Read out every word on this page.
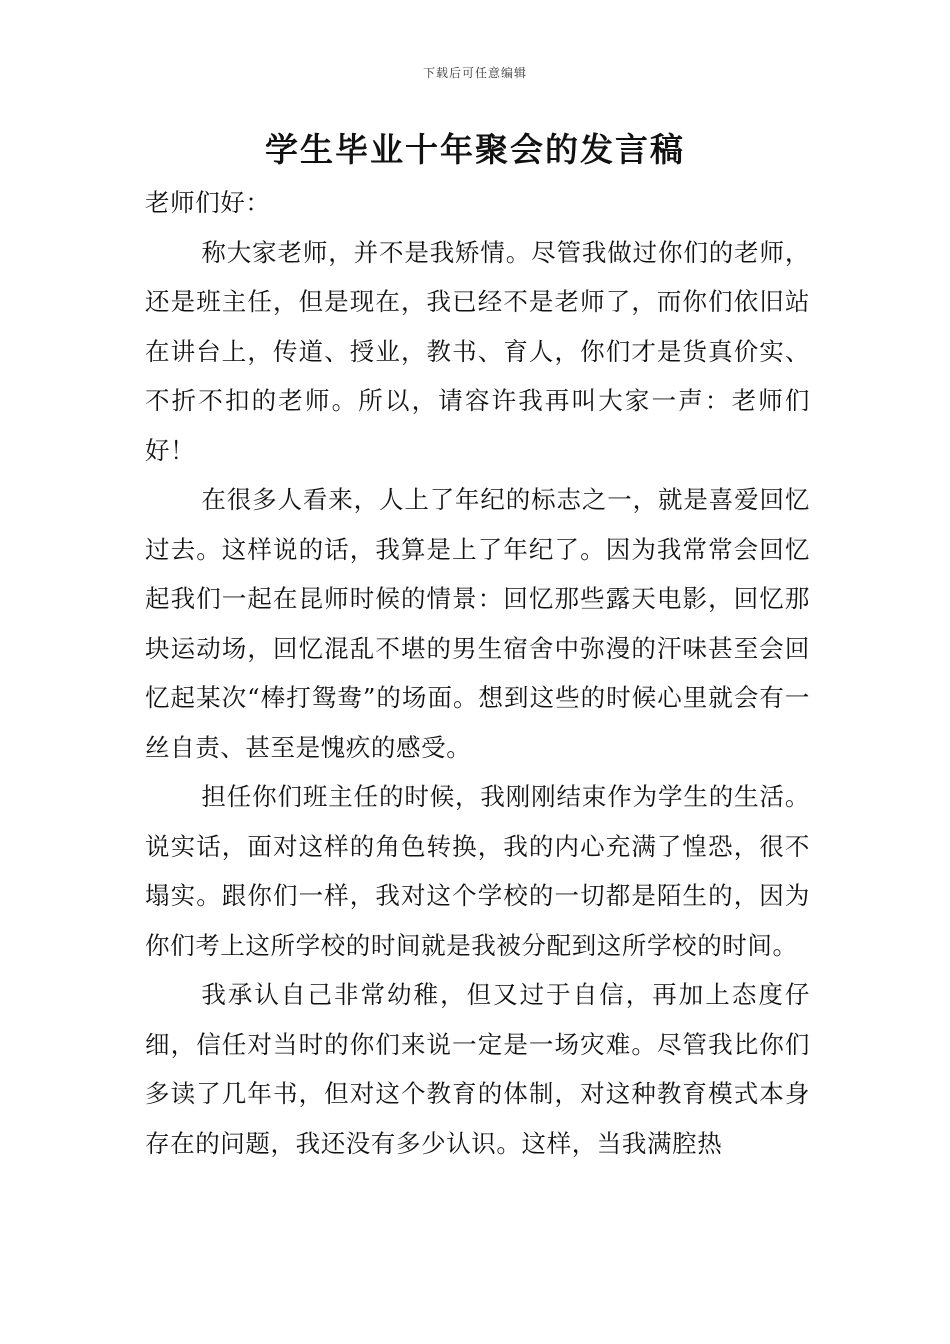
下载后可任意编辑
学生毕业十年聚会的发言稿

老师们好：

称大家老师，并不是我矫情。尽管我做过你们的老师，还是班主任，但是现在，我已经不是老师了，而你们依旧站在讲台上，传道、授业，教书、育人，你们才是货真价实、不折不扣的老师。所以，请容许我再叫大家一声：老师们好！

在很多人看来，人上了年纪的标志之一，就是喜爱回忆过去。这样说的话，我算是上了年纪了。因为我常常会回忆起我们一起在昆师时候的情景：回忆那些露天电影，回忆那块运动场，回忆混乱不堪的男生宿舍中弥漫的汗味甚至会回忆起某次“棒打鸳鸯”的场面。想到这些的时候心里就会有一丝自责、甚至是愧疚的感受。

担任你们班主任的时候，我刚刚结束作为学生的生活。说实话，面对这样的角色转换，我的内心充满了惶恐，很不塌实。跟你们一样，我对这个学校的一切都是陌生的，因为你们考上这所学校的时间就是我被分配到这所学校的时间。

我承认自己非常幼稚，但又过于自信，再加上态度仔细，信任对当时的你们来说一定是一场灾难。尽管我比你们多读了几年书，但对这个教育的体制，对这种教育模式本身存在的问题，我还没有多少认识。这样，当我满腔热
